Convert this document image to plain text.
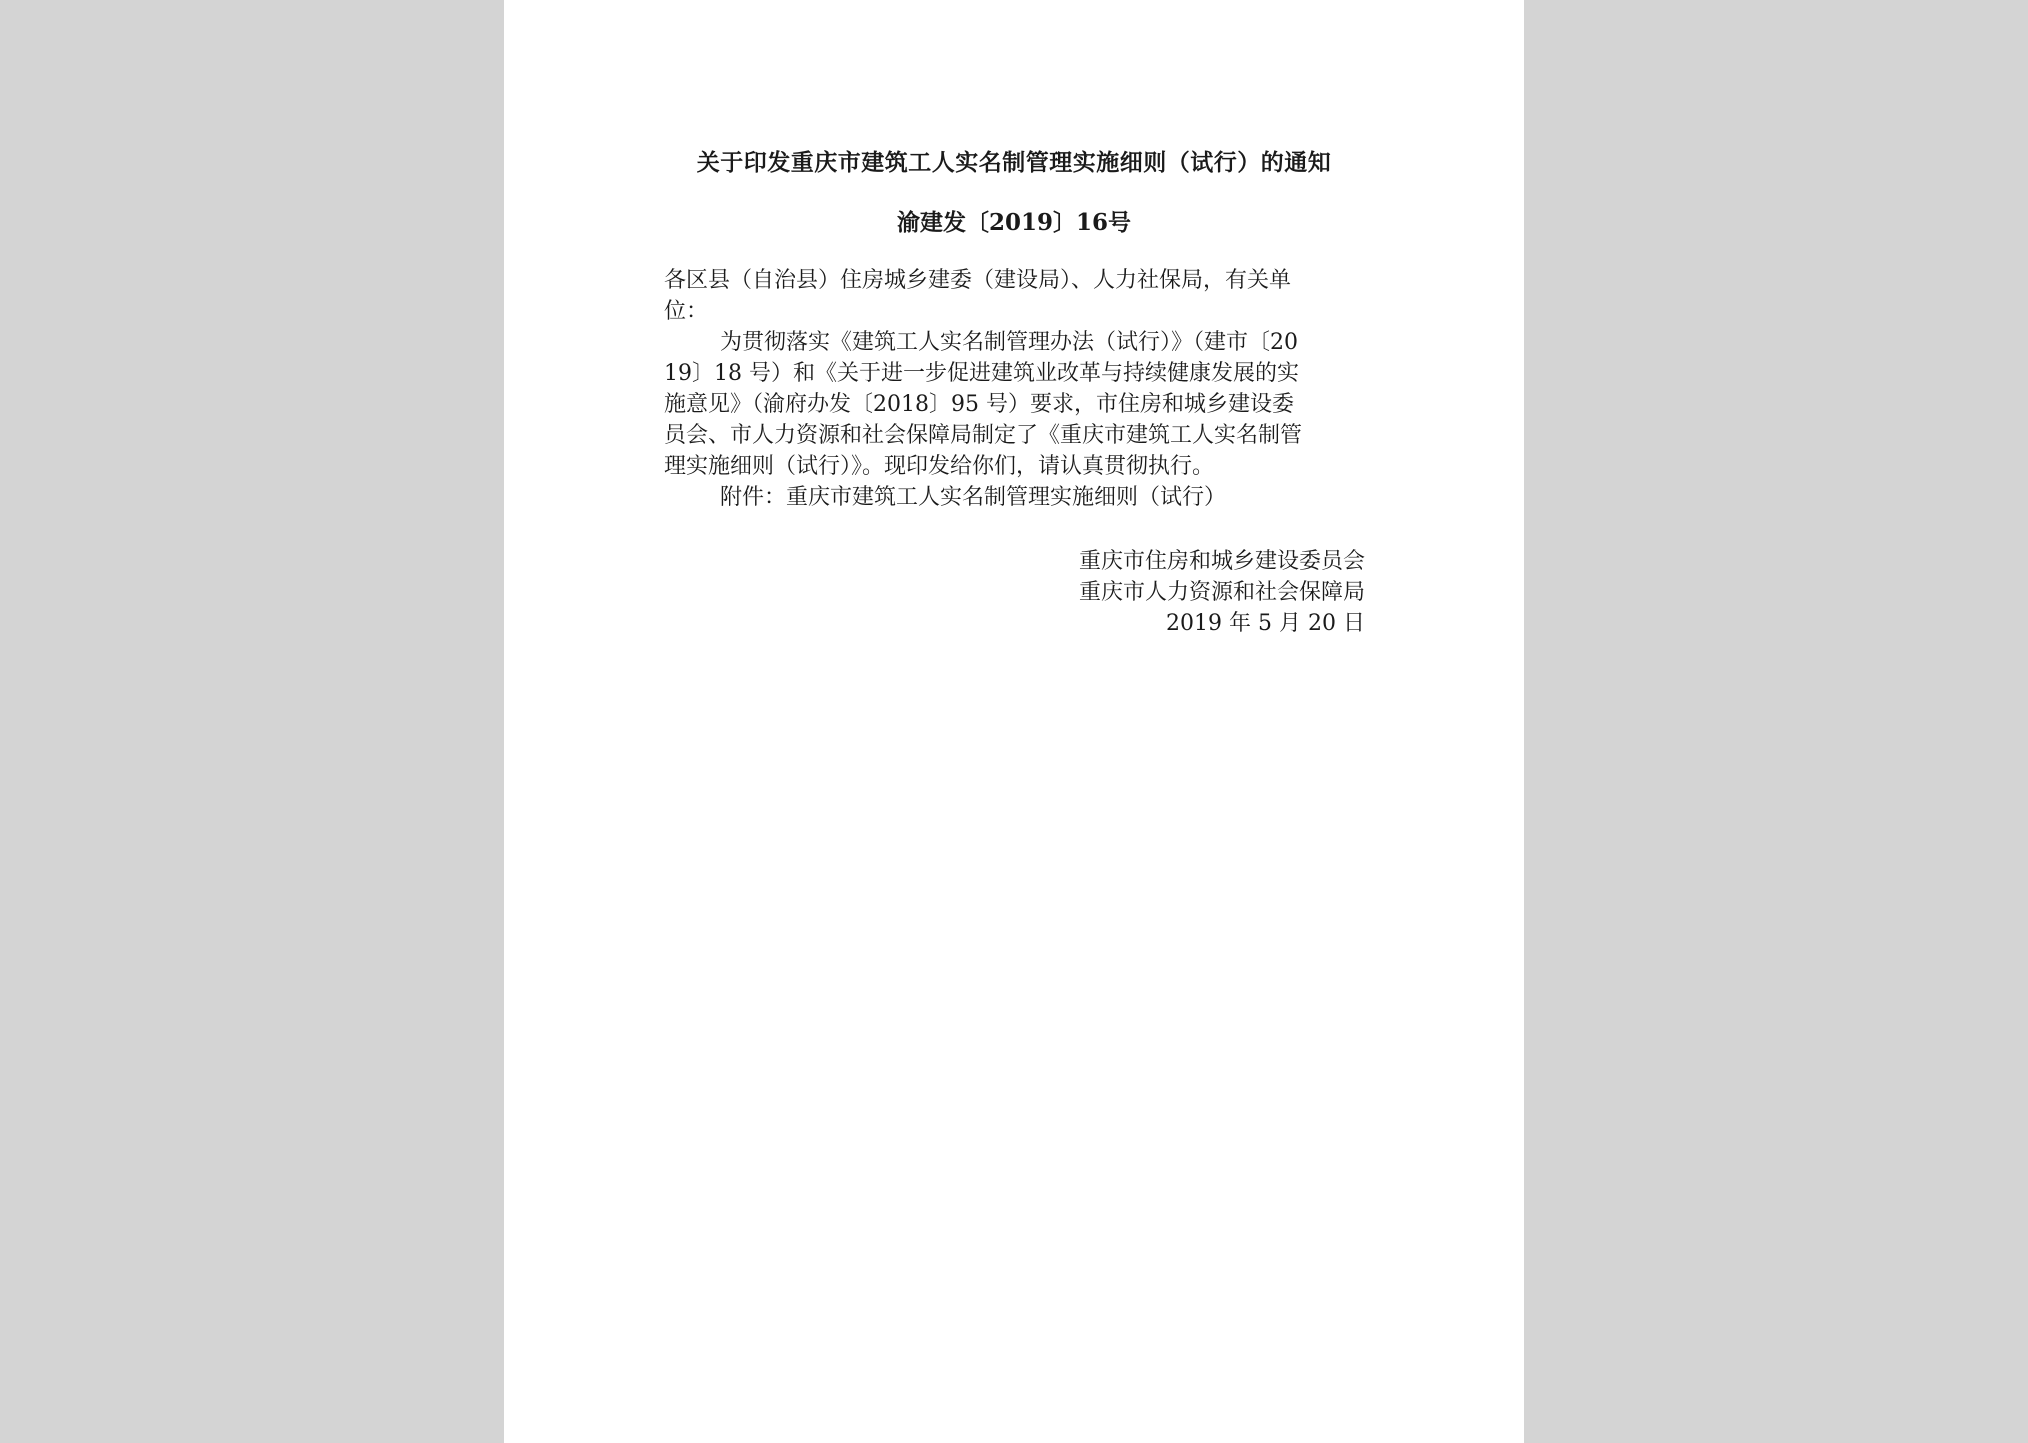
关于印发重庆市建筑工人实名制管理实施细则（试行）的通知
渝建发〔2019〕16号
各区县（自治县）住房城乡建委（建设局）、人力社保局，有关单
位：
为贯彻落实《建筑工人实名制管理办法（试行）》（建市〔20
19〕18 号）和《关于进一步促进建筑业改革与持续健康发展的实
施意见》（渝府办发〔2018〕95 号）要求，市住房和城乡建设委
员会、市人力资源和社会保障局制定了《重庆市建筑工人实名制管
理实施细则（试行）》。现印发给你们，请认真贯彻执行。
附件：重庆市建筑工人实名制管理实施细则（试行）
重庆市住房和城乡建设委员会
重庆市人力资源和社会保障局
2019 年 5 月 20 日
